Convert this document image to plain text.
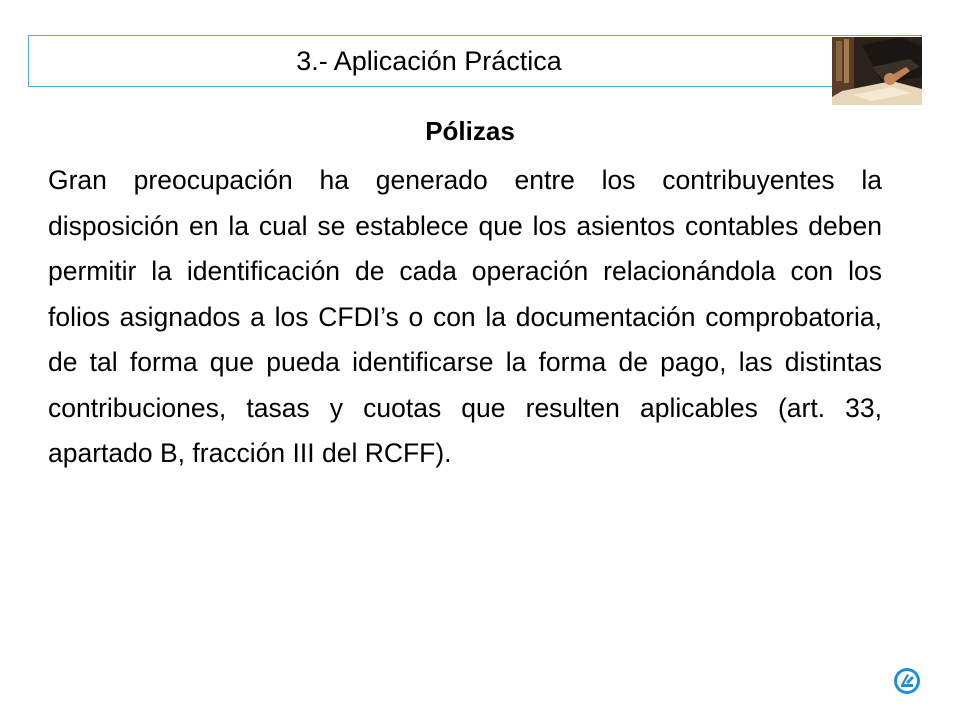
3.- Aplicación Práctica
Pólizas

Gran preocupación ha generado entre los contribuyentes la disposición en la cual se establece que los asientos contables deben permitir la identificación de cada operación relacionándola con los folios asignados a los CFDI’s o con la documentación comprobatoria, de tal forma que pueda identificarse la forma de pago, las distintas contribuciones, tasas y cuotas que resulten aplicables (art. 33, apartado B, fracción III del RCFF).
